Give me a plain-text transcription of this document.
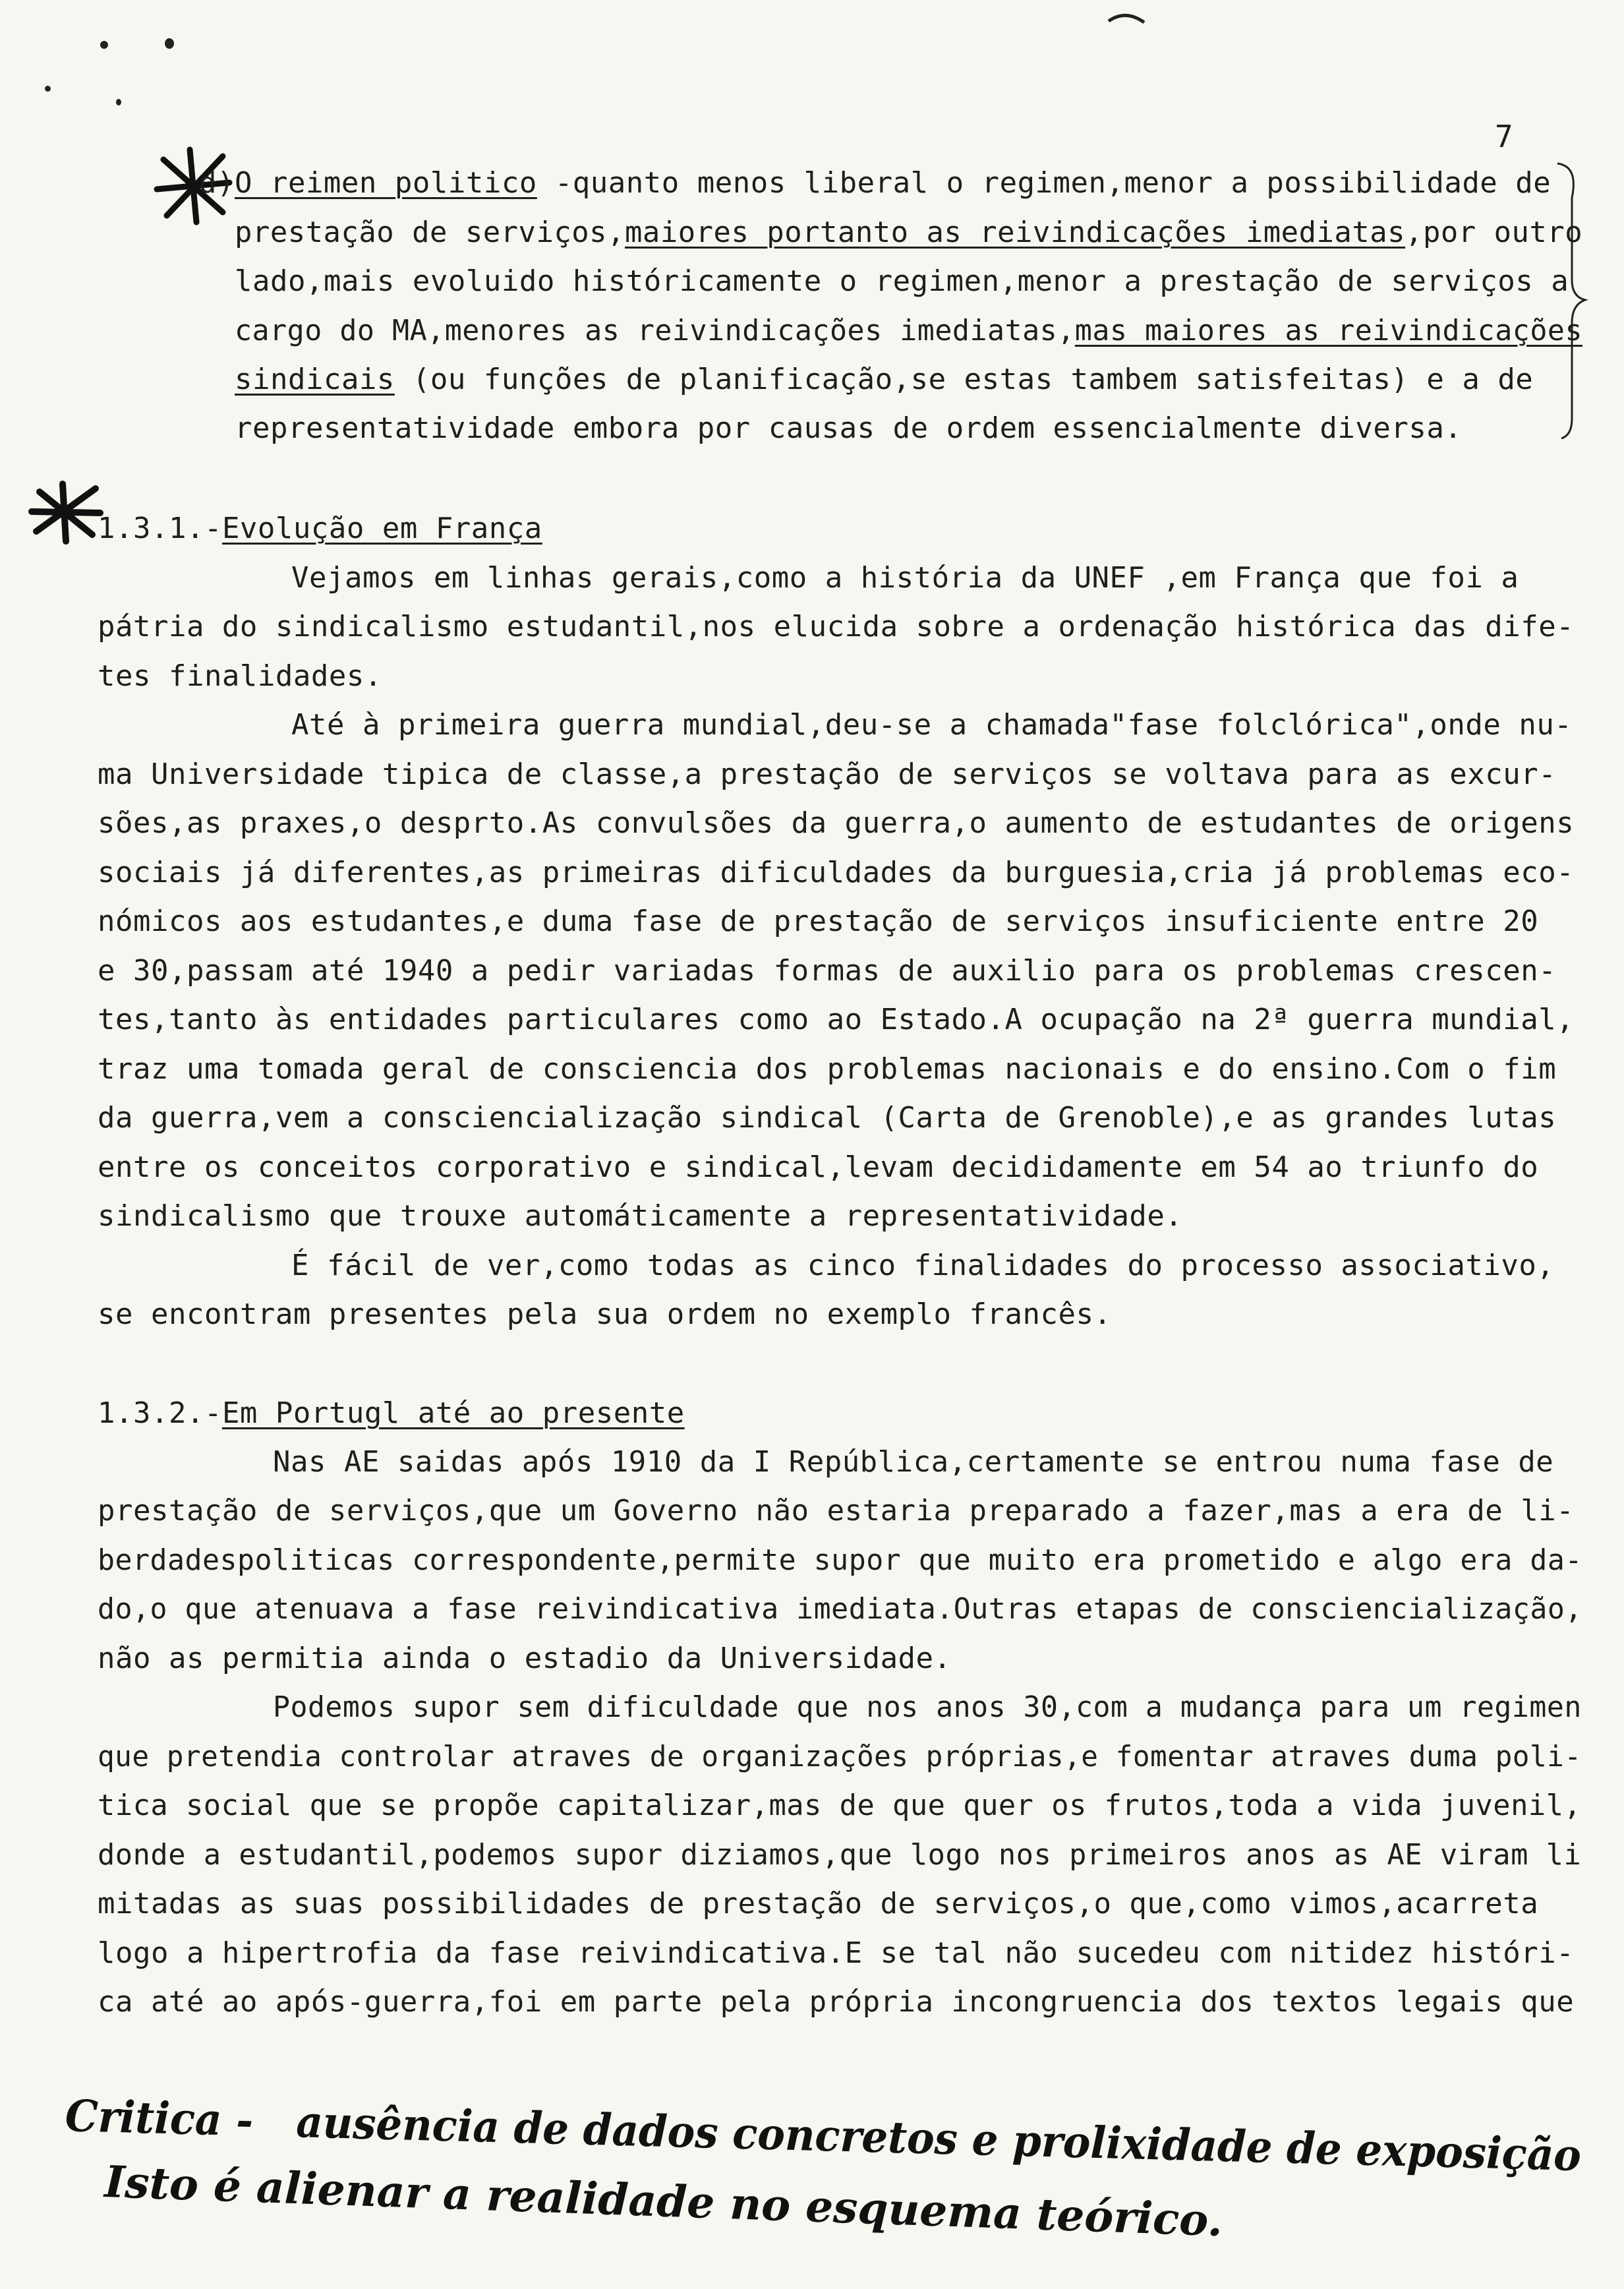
7
d)O reimen politico -quanto menos liberal o regimen,menor a possibilidade de
prestação de serviços,maiores portanto as reivindicações imediatas,por outro
lado,mais evoluido históricamente o regimen,menor a prestação de serviços a
cargo do MA,menores as reivindicações imediatas,mas maiores as reivindicações
sindicais (ou funções de planificação,se estas tambem satisfeitas) e a de
representatividade embora por causas de ordem essencialmente diversa.
1.3.1.-Evolução em França
Vejamos em linhas gerais,como a história da UNEF ,em França que foi a
pátria do sindicalismo estudantil,nos elucida sobre a ordenação histórica das dife-
tes finalidades.
Até à primeira guerra mundial,deu-se a chamada"fase folclórica",onde nu-
ma Universidade tipica de classe,a prestação de serviços se voltava para as excur-
sões,as praxes,o desprto.As convulsões da guerra,o aumento de estudantes de origens
sociais já diferentes,as primeiras dificuldades da burguesia,cria já problemas eco-
nómicos aos estudantes,e duma fase de prestação de serviços insuficiente entre 20
e 30,passam até 1940 a pedir variadas formas de auxilio para os problemas crescen-
tes,tanto às entidades particulares como ao Estado.A ocupação na 2ª guerra mundial,
traz uma tomada geral de consciencia dos problemas nacionais e do ensino.Com o fim
da guerra,vem a consciencialização sindical (Carta de Grenoble),e as grandes lutas
entre os conceitos corporativo e sindical,levam decididamente em 54 ao triunfo do
sindicalismo que trouxe automáticamente a representatividade.
É fácil de ver,como todas as cinco finalidades do processo associativo,
se encontram presentes pela sua ordem no exemplo francês.
1.3.2.-Em Portugl até ao presente
Nas AE saidas após 1910 da I República,certamente se entrou numa fase de
prestação de serviços,que um Governo não estaria preparado a fazer,mas a era de li-
berdadespoliticas correspondente,permite supor que muito era prometido e algo era da-
do,o que atenuava a fase reivindicativa imediata.Outras etapas de consciencialização,
não as permitia ainda o estadio da Universidade.
Podemos supor sem dificuldade que nos anos 30,com a mudança para um regimen
que pretendia controlar atraves de organizações próprias,e fomentar atraves duma poli-
tica social que se propõe capitalizar,mas de que quer os frutos,toda a vida juvenil,
donde a estudantil,podemos supor diziamos,que logo nos primeiros anos as AE viram li
mitadas as suas possibilidades de prestação de serviços,o que,como vimos,acarreta
logo a hipertrofia da fase reivindicativa.E se tal não sucedeu com nitidez históri-
ca até ao após-guerra,foi em parte pela própria incongruencia dos textos legais que
Critica -   ausência de dados concretos e prolixidade de exposição
Isto é alienar a realidade no esquema teórico.
